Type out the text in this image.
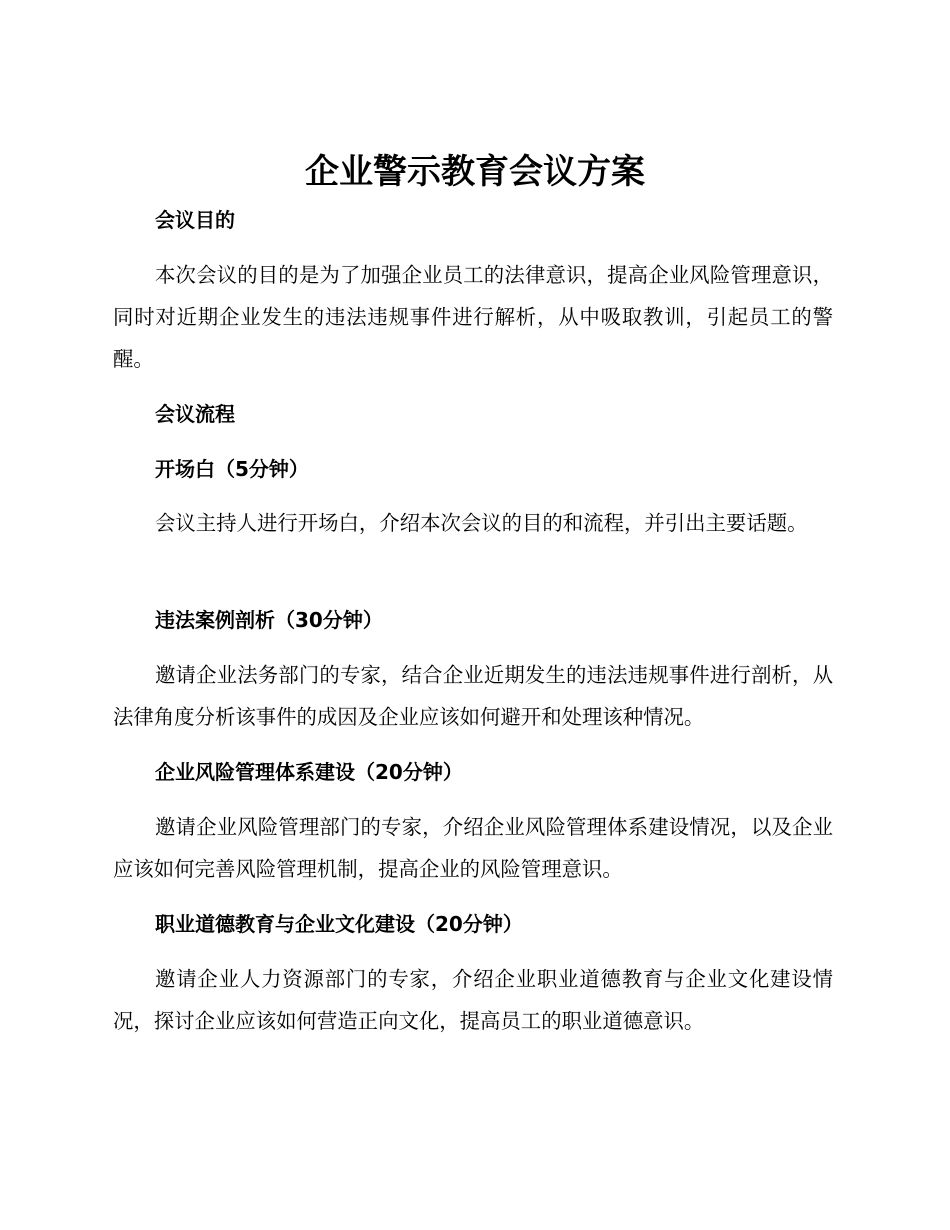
企业警示教育会议方案
会议目的

本次会议的目的是为了加强企业员工的法律意识，提高企业风险管理意识，同时对近期企业发生的违法违规事件进行解析，从中吸取教训，引起员工的警醒。

会议流程
开场白（5分钟）

会议主持人进行开场白，介绍本次会议的目的和流程，并引出主要话题。

违法案例剖析（30分钟）

邀请企业法务部门的专家，结合企业近期发生的违法违规事件进行剖析，从法律角度分析该事件的成因及企业应该如何避开和处理该种情况。

企业风险管理体系建设（20分钟）

邀请企业风险管理部门的专家，介绍企业风险管理体系建设情况，以及企业应该如何完善风险管理机制，提高企业的风险管理意识。

职业道德教育与企业文化建设（20分钟）

邀请企业人力资源部门的专家，介绍企业职业道德教育与企业文化建设情况，探讨企业应该如何营造正向文化，提高员工的职业道德意识。
